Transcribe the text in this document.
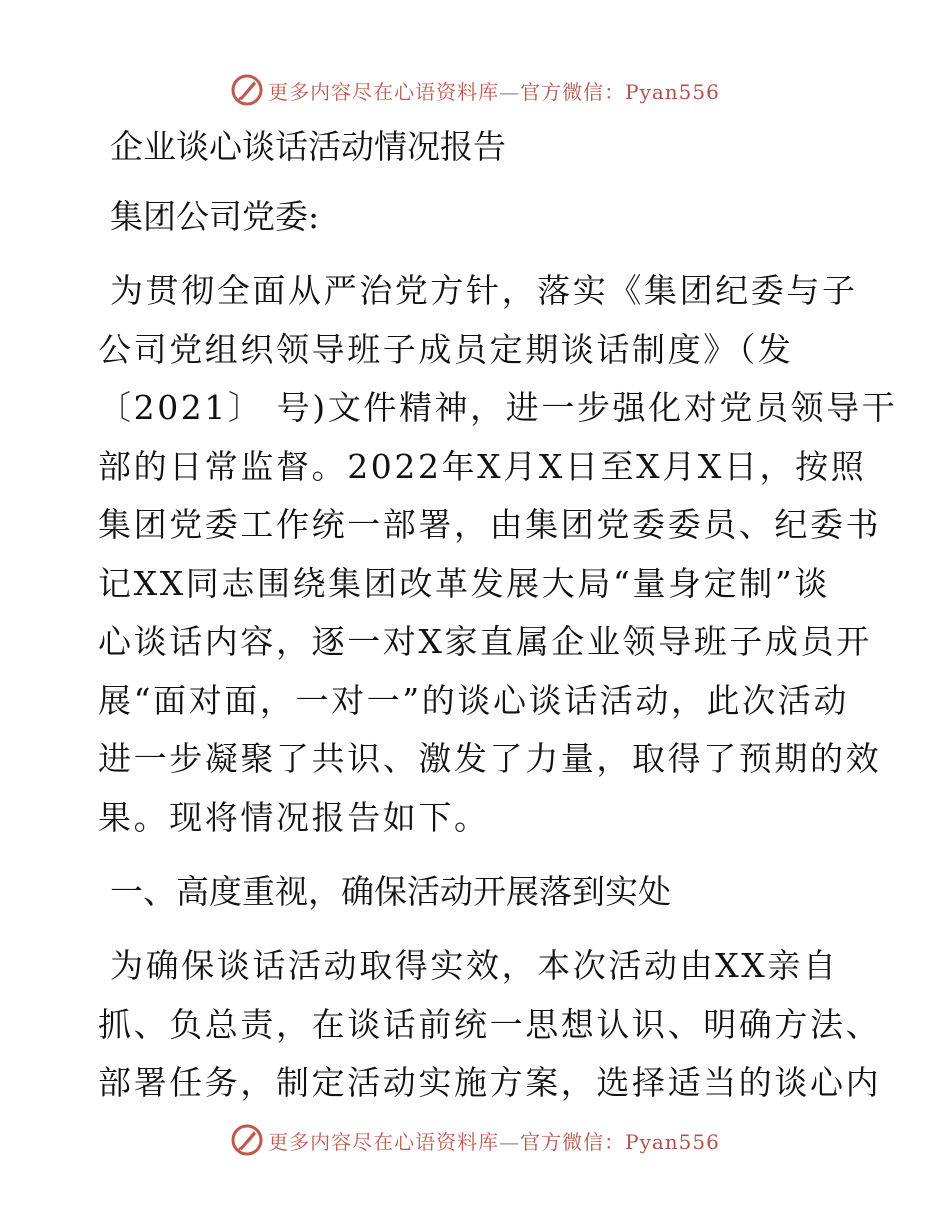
更多内容尽在心语资料库—官方微信：Pyan556

企业谈心谈话活动情况报告

集团公司党委:

为贯彻全面从严治党方针，落实《集团纪委与子
公司党组织领导班子成员定期谈话制度》（发
〔2021〕 号)文件精神，进一步强化对党员领导干
部的日常监督。2022年X月X日至X月X日，按照
集团党委工作统一部署，由集团党委委员、纪委书
记XX同志围绕集团改革发展大局“量身定制”谈
心谈话内容，逐一对X家直属企业领导班子成员开
展“面对面，一对一”的谈心谈话活动，此次活动
进一步凝聚了共识、激发了力量，取得了预期的效
果。现将情况报告如下。

一、高度重视，确保活动开展落到实处

为确保谈话活动取得实效，本次活动由XX亲自
抓、负总责，在谈话前统一思想认识、明确方法、
部署任务，制定活动实施方案，选择适当的谈心内

更多内容尽在心语资料库—官方微信：Pyan556
